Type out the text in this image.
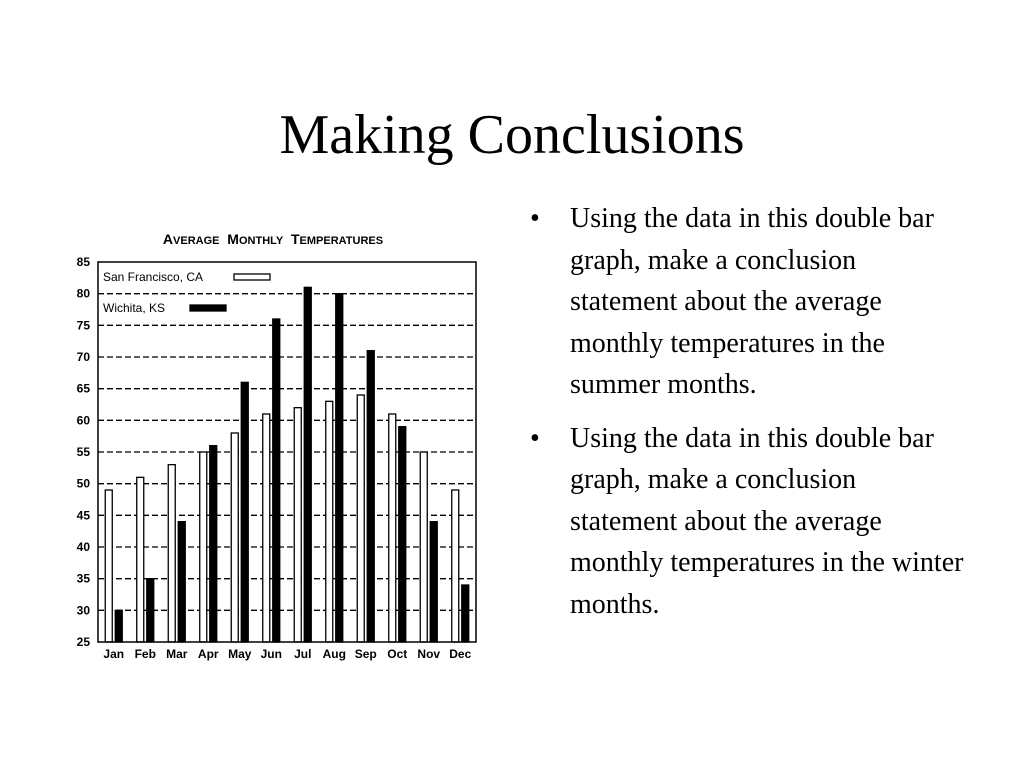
Making Conclusions
AVERAGE  MONTHLY  TEMPERATURES
25
30
35
40
45
50
55
60
65
70
75
80
85
Jan Feb Mar Apr May Jun Jul Aug Sep Oct Nov Dec
San Francisco, CA
Wichita, KS
•	Using the data in this double bar graph, make a conclusion statement about the average monthly temperatures in the summer months.
•	Using the data in this double bar graph, make a conclusion statement about the average monthly temperatures in the winter months.
